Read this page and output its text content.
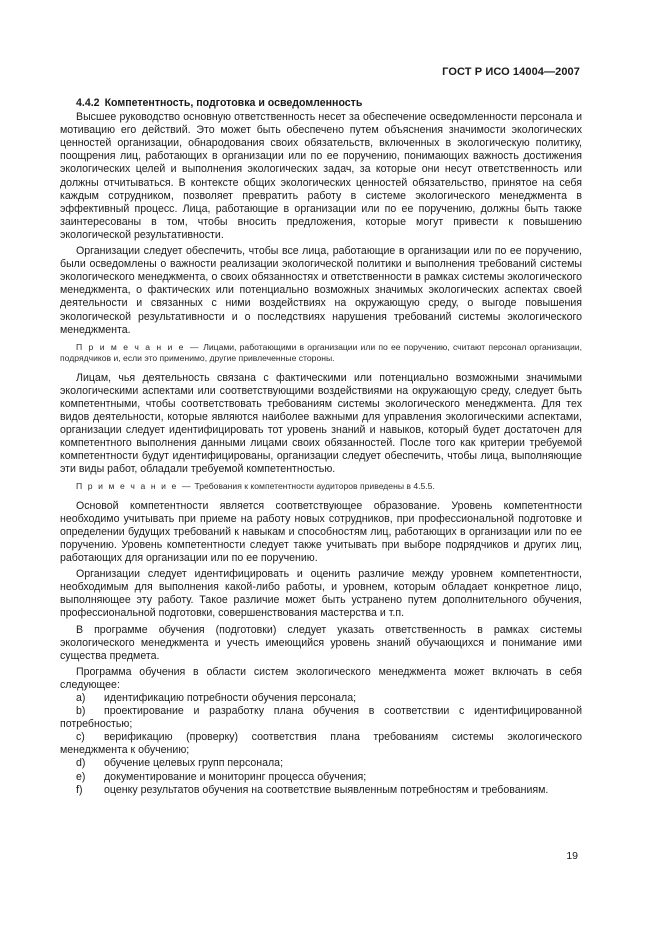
ГОСТ Р ИСО 14004—2007
4.4.2 Компетентность, подготовка и осведомленность

Высшее руководство основную ответственность несет за обеспечение осведомленности персонала и мотивацию его действий. Это может быть обеспечено путем объяснения значимости экологических ценностей организации, обнародования своих обязательств, включенных в экологическую политику, поощрения лиц, работающих в организации или по ее поручению, понимающих важность достижения экологических целей и выполнения экологических задач, за которые они несут ответственность или должны отчитываться. В контексте общих экологических ценностей обязательство, принятое на себя каждым сотрудником, позволяет превратить работу в системе экологического менеджмента в эффективный процесс. Лица, работающие в организации или по ее поручению, должны быть также заинтересованы в том, чтобы вносить предложения, которые могут привести к повышению экологической результативности.

Организации следует обеспечить, чтобы все лица, работающие в организации или по ее поручению, были осведомлены о важности реализации экологической политики и выполнения требований системы экологического менеджмента, о своих обязанностях и ответственности в рамках системы экологического менеджмента, о фактических или потенциально возможных значимых экологических аспектах своей деятельности и связанных с ними воздействиях на окружающую среду, о выгоде повышения экологической результативности и о последствиях нарушения требований системы экологического менеджмента.

П р и м е ч а н и е — Лицами, работающими в организации или по ее поручению, считают персонал организации, подрядчиков и, если это применимо, другие привлеченные стороны.

Лицам, чья деятельность связана с фактическими или потенциально возможными значимыми экологическими аспектами или соответствующими воздействиями на окружающую среду, следует быть компетентными, чтобы соответствовать требованиям системы экологического менеджмента. Для тех видов деятельности, которые являются наиболее важными для управления экологическими аспектами, организации следует идентифицировать тот уровень знаний и навыков, который будет достаточен для компетентного выполнения данными лицами своих обязанностей. После того как критерии требуемой компетентности будут идентифицированы, организации следует обеспечить, чтобы лица, выполняющие эти виды работ, обладали требуемой компетентностью.

П р и м е ч а н и е — Требования к компетентности аудиторов приведены в 4.5.5.

Основой компетентности является соответствующее образование. Уровень компетентности необходимо учитывать при приеме на работу новых сотрудников, при профессиональной подготовке и определении будущих требований к навыкам и способностям лиц, работающих в организации или по ее поручению. Уровень компетентности следует также учитывать при выборе подрядчиков и других лиц, работающих для организации или по ее поручению.

Организации следует идентифицировать и оценить различие между уровнем компетентности, необходимым для выполнения какой-либо работы, и уровнем, которым обладает конкретное лицо, выполняющее эту работу. Такое различие может быть устранено путем дополнительного обучения, профессиональной подготовки, совершенствования мастерства и т.п.

В программе обучения (подготовки) следует указать ответственность в рамках системы экологического менеджмента и учесть имеющийся уровень знаний обучающихся и понимание ими существа предмета.

Программа обучения в области систем экологического менеджмента может включать в себя следующее:

a) идентификацию потребности обучения персонала;
b) проектирование и разработку плана обучения в соответствии с идентифицированной потребностью;
c) верификацию (проверку) соответствия плана требованиям системы экологического менеджмента к обучению;
d) обучение целевых групп персонала;
e) документирование и мониторинг процесса обучения;
f) оценку результатов обучения на соответствие выявленным потребностям и требованиям.
19
